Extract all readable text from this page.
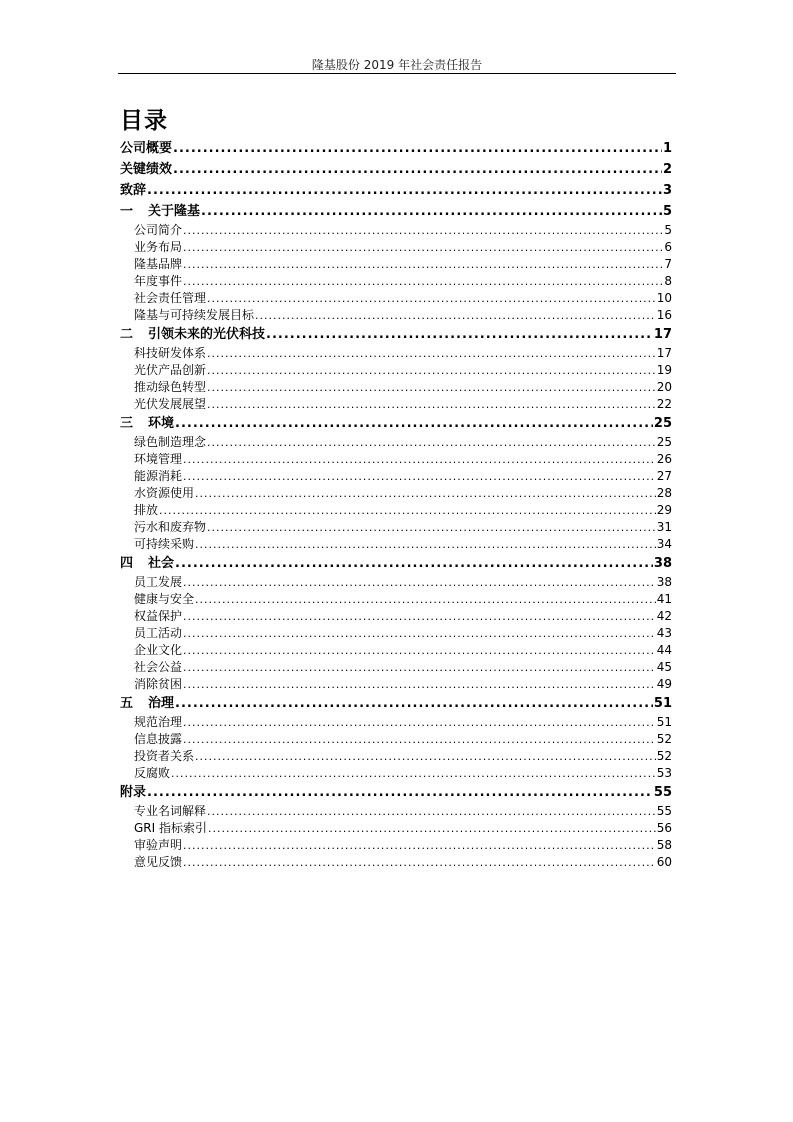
隆基股份 2019 年社会责任报告
目录
公司概要 .....	1
关键绩效 .....	2
致辞 .....	3
一 关于隆基 .....	5
公司简介 .....	5
业务布局 .....	6
隆基品牌 .....	7
年度事件 .....	8
社会责任管理 .....	10
隆基与可持续发展目标 .....	16
二 引领未来的光伏科技 .....	17
科技研发体系 .....	17
光伏产品创新 .....	19
推动绿色转型 .....	20
光伏发展展望 .....	22
三 环境 .....	25
绿色制造理念 .....	25
环境管理 .....	26
能源消耗 .....	27
水资源使用 .....	28
排放 .....	29
污水和废弃物 .....	31
可持续采购 .....	34
四 社会 .....	38
员工发展 .....	38
健康与安全 .....	41
权益保护 .....	42
员工活动 .....	43
企业文化 .....	44
社会公益 .....	45
消除贫困 .....	49
五 治理 .....	51
规范治理 .....	51
信息披露 .....	52
投资者关系 .....	52
反腐败 .....	53
附录 .....	55
专业名词解释 .....	55
GRI 指标索引 .....	56
审验声明 .....	58
意见反馈 .....	60
